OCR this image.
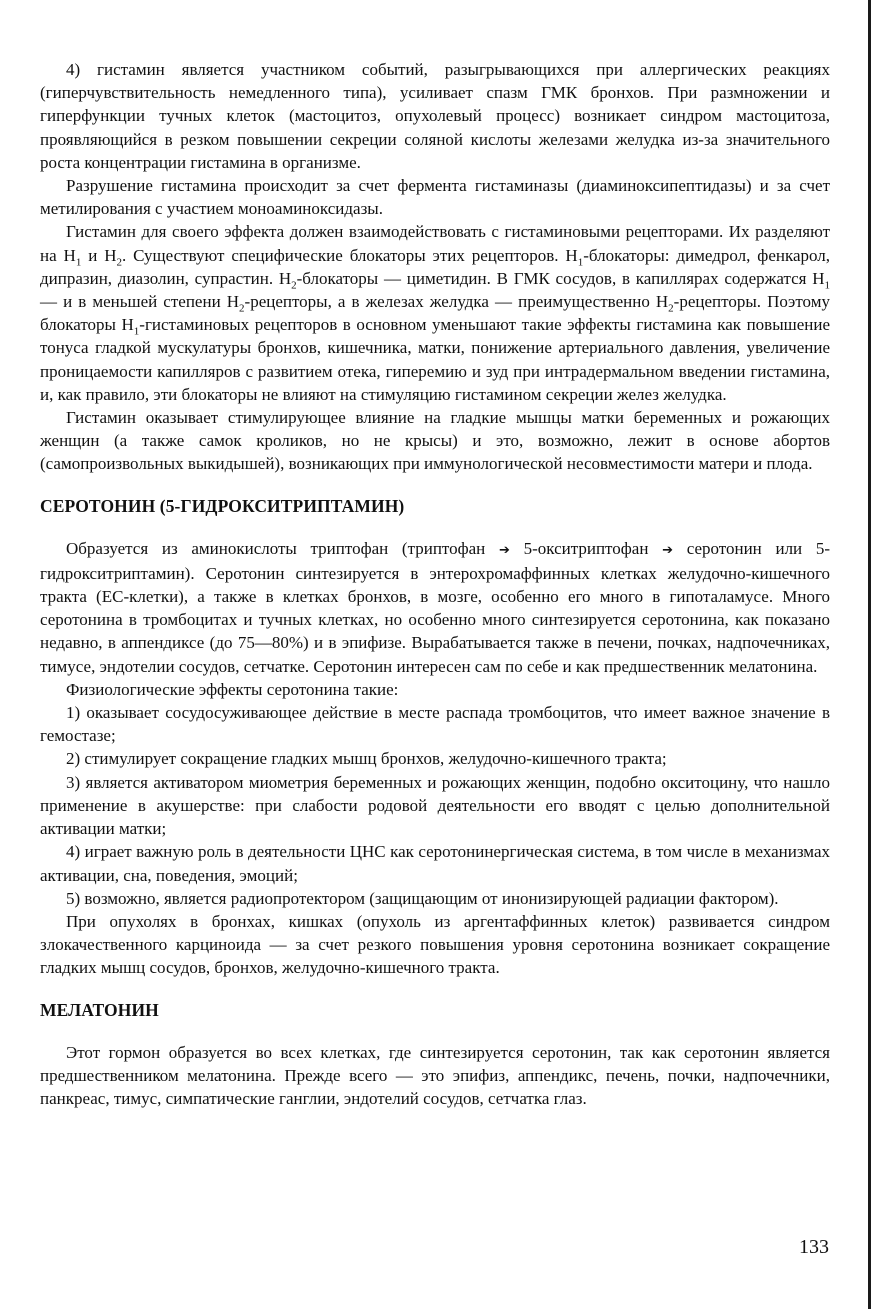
4) гистамин является участником событий, разыгрывающихся при аллергических реакциях (гиперчувствительность немедленного типа), усиливает спазм ГМК бронхов. При размножении и гиперфункции тучных клеток (мастоцитоз, опухолевый процесс) возникает синдром мастоцитоза, проявляющийся в резком повышении секреции соляной кислоты железами желудка из-за значительного роста концентрации гистамина в организме.

Разрушение гистамина происходит за счет фермента гистаминазы (диаминоксипептидазы) и за счет метилирования с участием моноаминоксидазы.

Гистамин для своего эффекта должен взаимодействовать с гистаминовыми рецепторами. Их разделяют на $H_1$ и $H_2$. Существуют специфические блокаторы этих рецепторов. $H_1$-блокаторы: димедрол, фенкарол, дипразин, диазолин, супрастин. $H_2$-блокаторы — циметидин. В ГМК сосудов, в капиллярах содержатся $H_1$ — и в меньшей степени $H_2$-рецепторы, а в железах желудка — преимущественно $H_2$-рецепторы. Поэтому блокаторы $H_1$-гистаминовых рецепторов в основном уменьшают такие эффекты гистамина как повышение тонуса гладкой мускулатуры бронхов, кишечника, матки, понижение артериального давления, увеличение проницаемости капилляров с развитием отека, гиперемию и зуд при интрадермальном введении гистамина, и, как правило, эти блокаторы не влияют на стимуляцию гистамином секреции желез желудка.

Гистамин оказывает стимулирующее влияние на гладкие мышцы матки беременных и рожающих женщин (а также самок кроликов, но не крысы) и это, возможно, лежит в основе абортов (самопроизвольных выкидышей), возникающих при иммунологической несовместимости матери и плода.

СЕРОТОНИН (5-ГИДРОКСИТРИПТАМИН)

Образуется из аминокислоты триптофан (триптофан ➔ 5-окситриптофан ➔ серотонин или 5-гидрокситриптамин). Серотонин синтезируется в энтерохромаффинных клетках желудочно-кишечного тракта (ЕС-клетки), а также в клетках бронхов, в мозге, особенно его много в гипоталамусе. Много серотонина в тромбоцитах и тучных клетках, но особенно много синтезируется серотонина, как показано недавно, в аппендиксе (до 75—80%) и в эпифизе. Вырабатывается также в печени, почках, надпочечниках, тимусе, эндотелии сосудов, сетчатке. Серотонин интересен сам по себе и как предшественник мелатонина.

Физиологические эффекты серотонина такие:

1) оказывает сосудосуживающее действие в месте распада тромбоцитов, что имеет важное значение в гемостазе;

2) стимулирует сокращение гладких мышц бронхов, желудочно-кишечного тракта;

3) является активатором миометрия беременных и рожающих женщин, подобно окситоцину, что нашло применение в акушерстве: при слабости родовой деятельности его вводят с целью дополнительной активации матки;

4) играет важную роль в деятельности ЦНС как серотонинергическая система, в том числе в механизмах активации, сна, поведения, эмоций;

5) возможно, является радиопротектором (защищающим от инонизирующей радиации фактором).

При опухолях в бронхах, кишках (опухоль из аргентаффинных клеток) развивается синдром злокачественного карциноида — за счет резкого повышения уровня серотонина возникает сокращение гладких мышц сосудов, бронхов, желудочно-кишечного тракта.

МЕЛАТОНИН

Этот гормон образуется во всех клетках, где синтезируется серотонин, так как серотонин является предшественником мелатонина. Прежде всего — это эпифиз, аппендикс, печень, почки, надпочечники, панкреас, тимус, симпатические ганглии, эндотелий сосудов, сетчатка глаз.

133
